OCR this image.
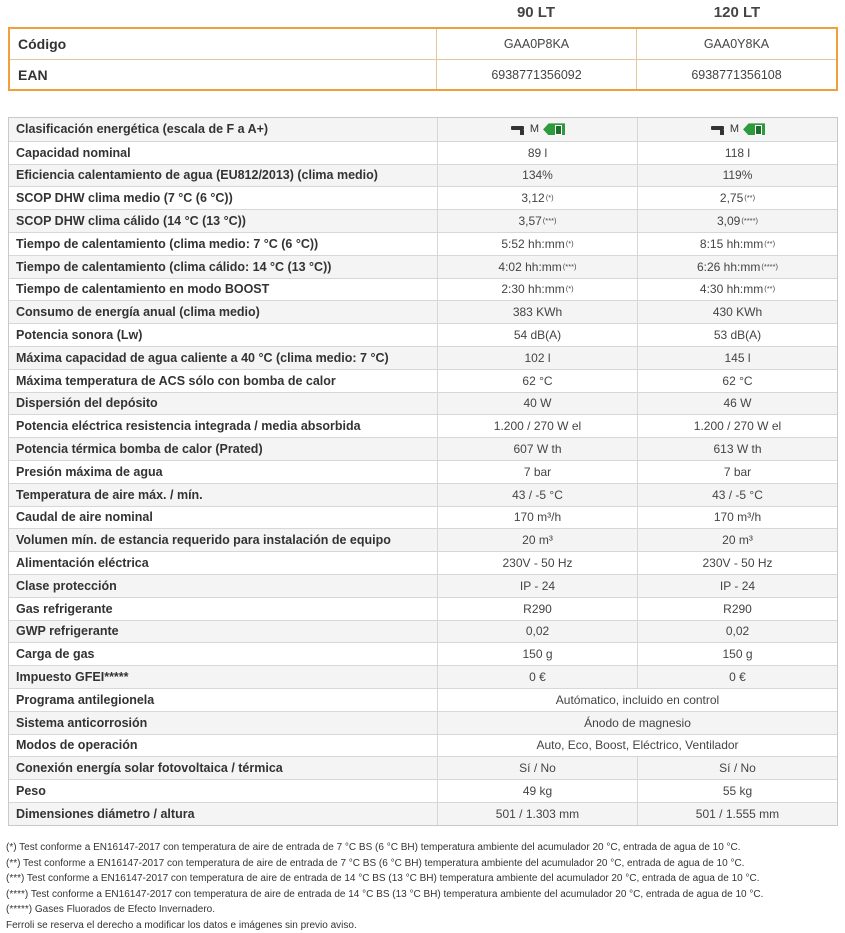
90 LT	120 LT
Código	GAA0P8KA	GAA0Y8KA
EAN	6938771356092	6938771356108
Clasificación energética (escala de F a A+)	M	M
Capacidad nominal	89 l	118 l
Eficiencia calentamiento de agua (EU812/2013) (clima medio)	134%	119%
SCOP DHW clima medio (7 °C (6 °C))	3,12 (*)	2,75 (**)
SCOP DHW clima cálido (14 °C (13 °C))	3,57 (***)	3,09 (****)
Tiempo de calentamiento (clima medio: 7 °C (6 °C))	5:52 hh:mm (*)	8:15 hh:mm (**)
Tiempo de calentamiento (clima cálido: 14 °C (13 °C))	4:02 hh:mm (***)	6:26 hh:mm (****)
Tiempo de calentamiento en modo BOOST	2:30 hh:mm (*)	4:30 hh:mm (**)
Consumo de energía anual (clima medio)	383 KWh	430 KWh
Potencia sonora (Lw)	54 dB(A)	53 dB(A)
Máxima capacidad de agua caliente a 40 °C (clima medio: 7 °C)	102 l	145 l
Máxima temperatura de ACS sólo con bomba de calor	62 °C	62 °C
Dispersión del depósito	40 W	46 W
Potencia eléctrica resistencia integrada / media absorbida	1.200 / 270 W el	1.200 / 270 W el
Potencia térmica bomba de calor (Prated)	607 W th	613 W th
Presión máxima de agua	7 bar	7 bar
Temperatura de aire máx. / mín.	43 / -5 °C	43 / -5 °C
Caudal de aire nominal	170 m³/h	170 m³/h
Volumen mín. de estancia requerido para instalación de equipo	20 m³	20 m³
Alimentación eléctrica	230V - 50 Hz	230V - 50 Hz
Clase protección	IP - 24	IP - 24
Gas refrigerante	R290	R290
GWP refrigerante	0,02	0,02
Carga de gas	150 g	150 g
Impuesto GFEI*****	0 €	0 €
Programa antilegionela	Autómatico, incluido en control
Sistema anticorrosión	Ánodo de magnesio
Modos de operación	Auto, Eco, Boost, Eléctrico, Ventilador
Conexión energía solar fotovoltaica / térmica	Sí / No	Sí / No
Peso	49 kg	55 kg
Dimensiones diámetro / altura	501 / 1.303 mm	501 / 1.555 mm

(*) Test conforme a EN16147-2017 con temperatura de aire de entrada de 7 °C BS (6 °C BH) temperatura ambiente del acumulador 20 °C, entrada de agua de 10 °C.

(**) Test conforme a EN16147-2017 con temperatura de aire de entrada de 7 °C BS (6 °C BH) temperatura ambiente del acumulador 20 °C, entrada de agua de 10 °C.

(***) Test conforme a EN16147-2017 con temperatura de aire de entrada de 14 °C BS (13 °C BH) temperatura ambiente del acumulador 20 °C, entrada de agua de 10 °C.

(****) Test conforme a EN16147-2017 con temperatura de aire de entrada de 14 °C BS (13 °C BH) temperatura ambiente del acumulador 20 °C, entrada de agua de 10 °C.

(*****) Gases Fluorados de Efecto Invernadero.

Ferroli se reserva el derecho a modificar los datos e imágenes sin previo aviso.
